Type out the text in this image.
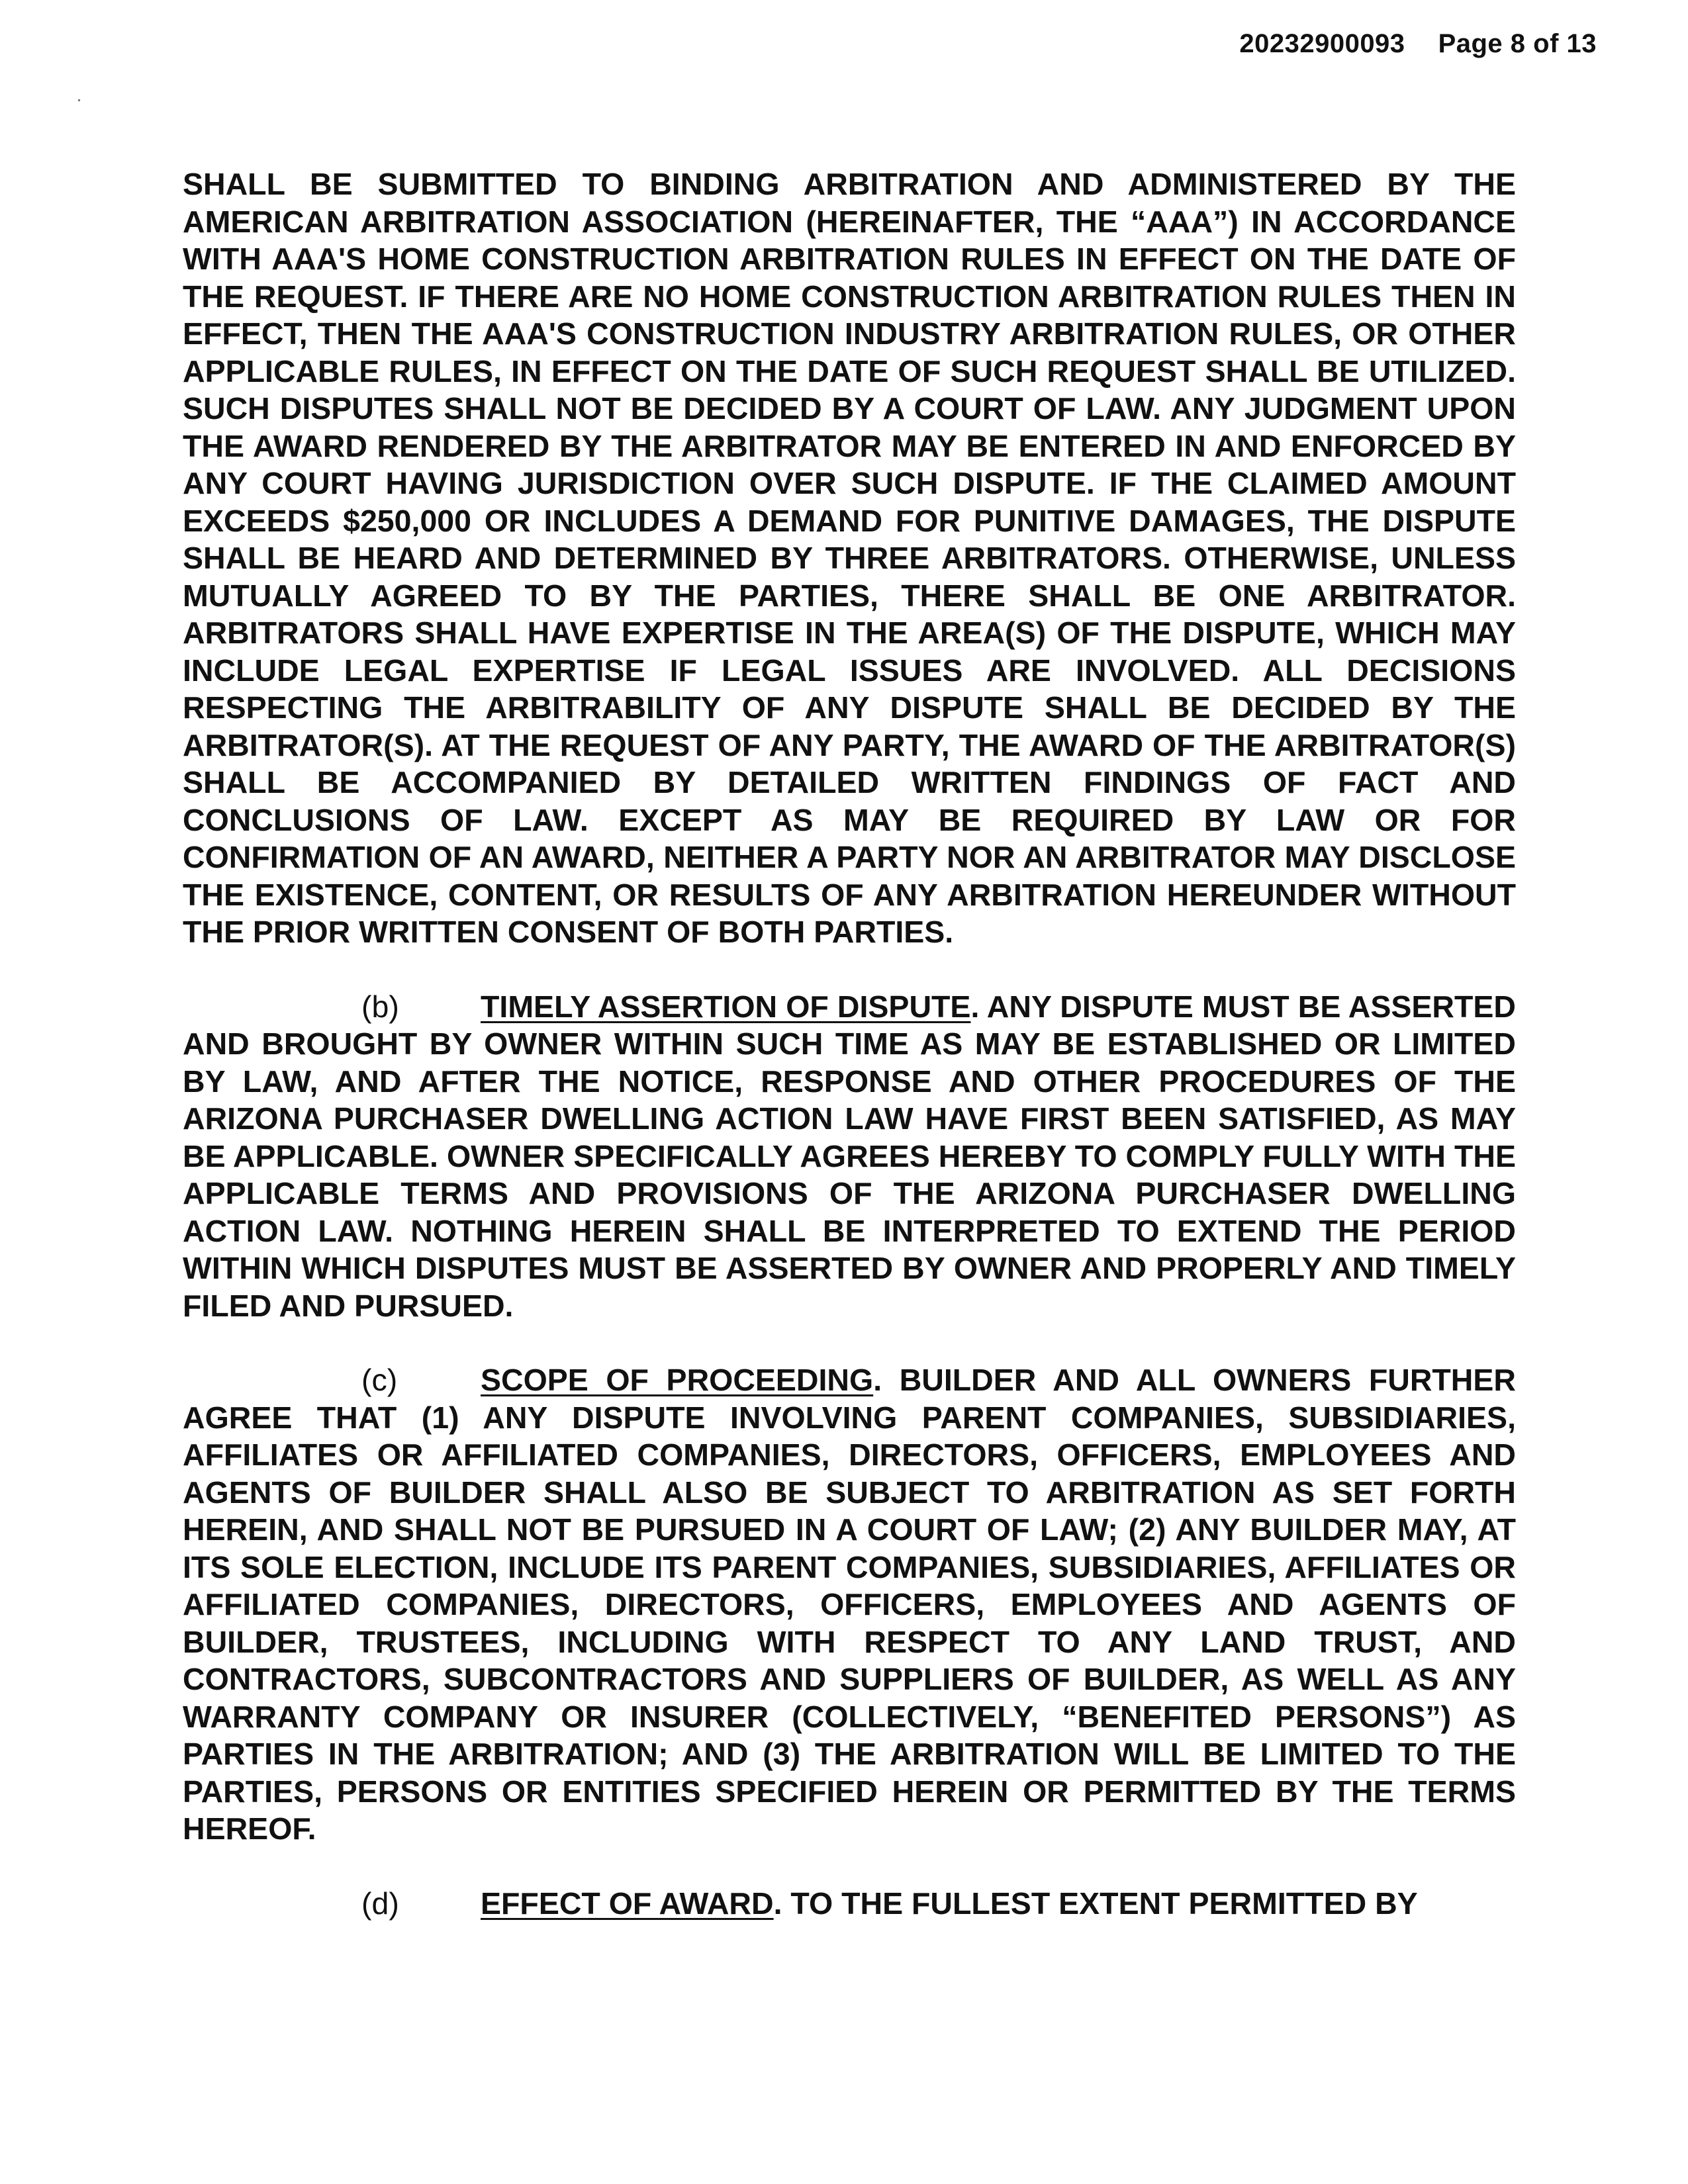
20232900093 Page 8 of 13

SHALL BE SUBMITTED TO BINDING ARBITRATION AND ADMINISTERED BY THE AMERICAN ARBITRATION ASSOCIATION (HEREINAFTER, THE “AAA”) IN ACCORDANCE WITH AAA'S HOME CONSTRUCTION ARBITRATION RULES IN EFFECT ON THE DATE OF THE REQUEST. IF THERE ARE NO HOME CONSTRUCTION ARBITRATION RULES THEN IN EFFECT, THEN THE AAA'S CONSTRUCTION INDUSTRY ARBITRATION RULES, OR OTHER APPLICABLE RULES, IN EFFECT ON THE DATE OF SUCH REQUEST SHALL BE UTILIZED. SUCH DISPUTES SHALL NOT BE DECIDED BY A COURT OF LAW. ANY JUDGMENT UPON THE AWARD RENDERED BY THE ARBITRATOR MAY BE ENTERED IN AND ENFORCED BY ANY COURT HAVING JURISDICTION OVER SUCH DISPUTE. IF THE CLAIMED AMOUNT EXCEEDS $250,000 OR INCLUDES A DEMAND FOR PUNITIVE DAMAGES, THE DISPUTE SHALL BE HEARD AND DETERMINED BY THREE ARBITRATORS. OTHERWISE, UNLESS MUTUALLY AGREED TO BY THE PARTIES, THERE SHALL BE ONE ARBITRATOR. ARBITRATORS SHALL HAVE EXPERTISE IN THE AREA(S) OF THE DISPUTE, WHICH MAY INCLUDE LEGAL EXPERTISE IF LEGAL ISSUES ARE INVOLVED. ALL DECISIONS RESPECTING THE ARBITRABILITY OF ANY DISPUTE SHALL BE DECIDED BY THE ARBITRATOR(S). AT THE REQUEST OF ANY PARTY, THE AWARD OF THE ARBITRATOR(S) SHALL BE ACCOMPANIED BY DETAILED WRITTEN FINDINGS OF FACT AND CONCLUSIONS OF LAW. EXCEPT AS MAY BE REQUIRED BY LAW OR FOR CONFIRMATION OF AN AWARD, NEITHER A PARTY NOR AN ARBITRATOR MAY DISCLOSE THE EXISTENCE, CONTENT, OR RESULTS OF ANY ARBITRATION HEREUNDER WITHOUT THE PRIOR WRITTEN CONSENT OF BOTH PARTIES.

(b)	TIMELY ASSERTION OF DISPUTE. ANY DISPUTE MUST BE ASSERTED AND BROUGHT BY OWNER WITHIN SUCH TIME AS MAY BE ESTABLISHED OR LIMITED BY LAW, AND AFTER THE NOTICE, RESPONSE AND OTHER PROCEDURES OF THE ARIZONA PURCHASER DWELLING ACTION LAW HAVE FIRST BEEN SATISFIED, AS MAY BE APPLICABLE. OWNER SPECIFICALLY AGREES HEREBY TO COMPLY FULLY WITH THE APPLICABLE TERMS AND PROVISIONS OF THE ARIZONA PURCHASER DWELLING ACTION LAW. NOTHING HEREIN SHALL BE INTERPRETED TO EXTEND THE PERIOD WITHIN WHICH DISPUTES MUST BE ASSERTED BY OWNER AND PROPERLY AND TIMELY FILED AND PURSUED.

(c)	SCOPE OF PROCEEDING. BUILDER AND ALL OWNERS FURTHER AGREE THAT (1) ANY DISPUTE INVOLVING PARENT COMPANIES, SUBSIDIARIES, AFFILIATES OR AFFILIATED COMPANIES, DIRECTORS, OFFICERS, EMPLOYEES AND AGENTS OF BUILDER SHALL ALSO BE SUBJECT TO ARBITRATION AS SET FORTH HEREIN, AND SHALL NOT BE PURSUED IN A COURT OF LAW; (2) ANY BUILDER MAY, AT ITS SOLE ELECTION, INCLUDE ITS PARENT COMPANIES, SUBSIDIARIES, AFFILIATES OR AFFILIATED COMPANIES, DIRECTORS, OFFICERS, EMPLOYEES AND AGENTS OF BUILDER, TRUSTEES, INCLUDING WITH RESPECT TO ANY LAND TRUST, AND CONTRACTORS, SUBCONTRACTORS AND SUPPLIERS OF BUILDER, AS WELL AS ANY WARRANTY COMPANY OR INSURER (COLLECTIVELY, “BENEFITED PERSONS”) AS PARTIES IN THE ARBITRATION; AND (3) THE ARBITRATION WILL BE LIMITED TO THE PARTIES, PERSONS OR ENTITIES SPECIFIED HEREIN OR PERMITTED BY THE TERMS HEREOF.

(d)	EFFECT OF AWARD. TO THE FULLEST EXTENT PERMITTED BY
